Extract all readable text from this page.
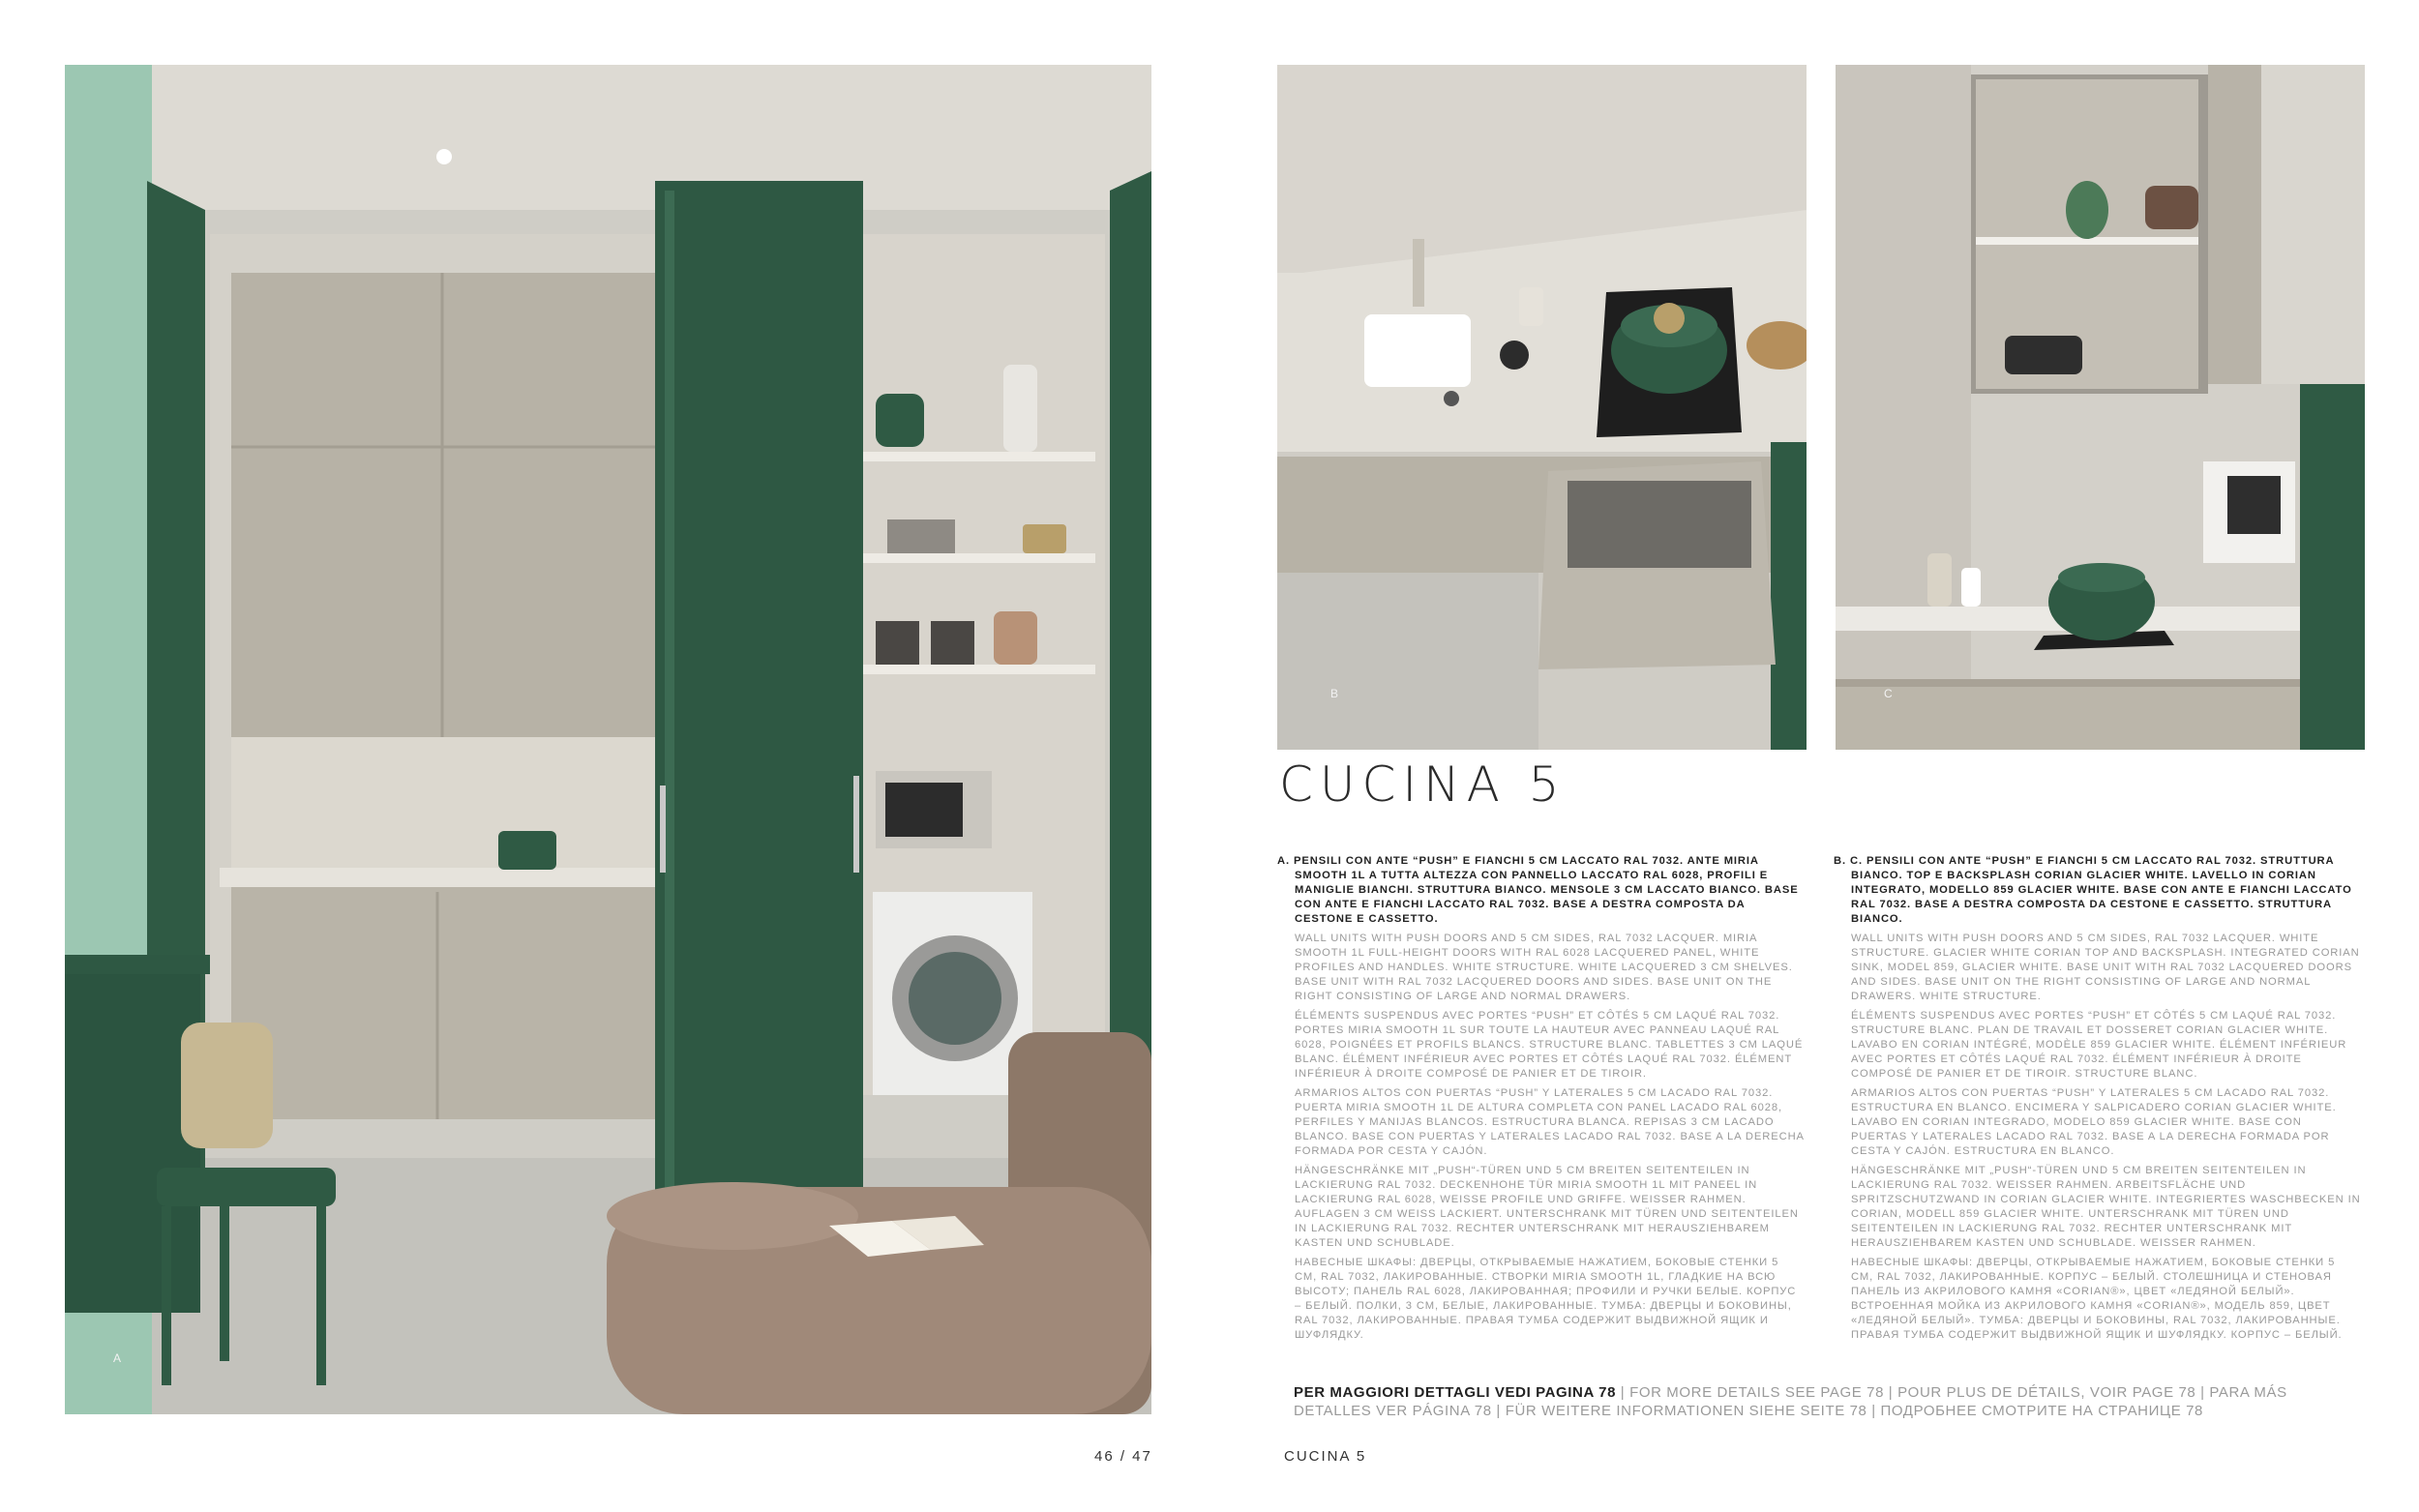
A
B	C
CUCINA 5
A. PENSILI CON ANTE “PUSH” E FIANCHI 5 CM LACCATO RAL 7032. ANTE MIRIA SMOOTH 1L A TUTTA ALTEZZA CON PANNELLO LACCATO RAL 6028, PROFILI E MANIGLIE BIANCHI. STRUTTURA BIANCO. MENSOLE 3 CM LACCATO BIANCO. BASE CON ANTE E FIANCHI LACCATO RAL 7032. BASE A DESTRA COMPOSTA DA CESTONE E CASSETTO.
WALL UNITS WITH PUSH DOORS AND 5 CM SIDES, RAL 7032 LACQUER. MIRIA SMOOTH 1L FULL-HEIGHT DOORS WITH RAL 6028 LACQUERED PANEL, WHITE PROFILES AND HANDLES. WHITE STRUCTURE. WHITE LACQUERED 3 CM SHELVES. BASE UNIT WITH RAL 7032 LACQUERED DOORS AND SIDES. BASE UNIT ON THE RIGHT CONSISTING OF LARGE AND NORMAL DRAWERS.
ÉLÉMENTS SUSPENDUS AVEC PORTES “PUSH” ET CÔTÉS 5 CM LAQUÉ RAL 7032. PORTES MIRIA SMOOTH 1L SUR TOUTE LA HAUTEUR AVEC PANNEAU LAQUÉ RAL 6028, POIGNÉES ET PROFILS BLANCS. STRUCTURE BLANC. TABLETTES 3 CM LAQUÉ BLANC. ÉLÉMENT INFÉRIEUR AVEC PORTES ET CÔTÉS LAQUÉ RAL 7032. ÉLÉMENT INFÉRIEUR À DROITE COMPOSÉ DE PANIER ET DE TIROIR.
ARMARIOS ALTOS CON PUERTAS “PUSH” Y LATERALES 5 CM LACADO RAL 7032. PUERTA MIRIA SMOOTH 1L DE ALTURA COMPLETA CON PANEL LACADO RAL 6028, PERFILES Y MANIJAS BLANCOS. ESTRUCTURA BLANCA. REPISAS 3 CM LACADO BLANCO. BASE CON PUERTAS Y LATERALES LACADO RAL 7032. BASE A LA DERECHA FORMADA POR CESTA Y CAJÓN.
HÄNGESCHRÄNKE MIT „PUSH“-TÜREN UND 5 CM BREITEN SEITENTEILEN IN LACKIERUNG RAL 7032. DECKENHOHE TÜR MIRIA SMOOTH 1L MIT PANEEL IN LACKIERUNG RAL 6028, WEISSE PROFILE UND GRIFFE. WEISSER RAHMEN. AUFLAGEN 3 CM WEISS LACKIERT. UNTERSCHRANK MIT TÜREN UND SEITENTEILEN IN LACKIERUNG RAL 7032. RECHTER UNTERSCHRANK MIT HERAUSZIEHBAREM KASTEN UND SCHUBLADE.
НАВЕСНЫЕ ШКАФЫ: ДВЕРЦЫ, ОТКРЫВАЕМЫЕ НАЖАТИЕМ, БОКОВЫЕ СТЕНКИ 5 СМ, RAL 7032, ЛАКИРОВАННЫЕ. СТВОРКИ MIRIA SMOOTH 1L, ГЛАДКИЕ НА ВСЮ ВЫСОТУ; ПАНЕЛЬ RAL 6028, ЛАКИРОВАННАЯ; ПРОФИЛИ И РУЧКИ БЕЛЫЕ. КОРПУС – БЕЛЫЙ. ПОЛКИ, 3 СМ, БЕЛЫЕ, ЛАКИРОВАННЫЕ. ТУМБА: ДВЕРЦЫ И БОКОВИНЫ, RAL 7032, ЛАКИРОВАННЫЕ. ПРАВАЯ ТУМБА СОДЕРЖИТ ВЫДВИЖНОЙ ЯЩИК И ШУФЛЯДКУ.
B. C. PENSILI CON ANTE “PUSH” E FIANCHI 5 CM LACCATO RAL 7032. STRUTTURA BIANCO. TOP E BACKSPLASH CORIAN GLACIER WHITE. LAVELLO IN CORIAN INTEGRATO, MODELLO 859 GLACIER WHITE. BASE CON ANTE E FIANCHI LACCATO RAL 7032. BASE A DESTRA COMPOSTA DA CESTONE E CASSETTO. STRUTTURA BIANCO.
WALL UNITS WITH PUSH DOORS AND 5 CM SIDES, RAL 7032 LACQUER. WHITE STRUCTURE. GLACIER WHITE CORIAN TOP AND BACKSPLASH. INTEGRATED CORIAN SINK, MODEL 859, GLACIER WHITE. BASE UNIT WITH RAL 7032 LACQUERED DOORS AND SIDES. BASE UNIT ON THE RIGHT CONSISTING OF LARGE AND NORMAL DRAWERS. WHITE STRUCTURE.
ÉLÉMENTS SUSPENDUS AVEC PORTES “PUSH” ET CÔTÉS 5 CM LAQUÉ RAL 7032. STRUCTURE BLANC. PLAN DE TRAVAIL ET DOSSERET CORIAN GLACIER WHITE. LAVABO EN CORIAN INTÉGRÉ, MODÈLE 859 GLACIER WHITE. ÉLÉMENT INFÉRIEUR AVEC PORTES ET CÔTÉS LAQUÉ RAL 7032. ÉLÉMENT INFÉRIEUR À DROITE COMPOSÉ DE PANIER ET DE TIROIR. STRUCTURE BLANC.
ARMARIOS ALTOS CON PUERTAS “PUSH” Y LATERALES 5 CM LACADO RAL 7032. ESTRUCTURA EN BLANCO. ENCIMERA Y SALPICADERO CORIAN GLACIER WHITE. LAVABO EN CORIAN INTEGRADO, MODELO 859 GLACIER WHITE. BASE CON PUERTAS Y LATERALES LACADO RAL 7032. BASE A LA DERECHA FORMADA POR CESTA Y CAJÓN. ESTRUCTURA EN BLANCO.
HÄNGESCHRÄNKE MIT „PUSH“-TÜREN UND 5 CM BREITEN SEITENTEILEN IN LACKIERUNG RAL 7032. WEISSER RAHMEN. ARBEITSFLÄCHE UND SPRITZSCHUTZWAND IN CORIAN GLACIER WHITE. INTEGRIERTES WASCHBECKEN IN CORIAN, MODELL 859 GLACIER WHITE. UNTERSCHRANK MIT TÜREN UND SEITENTEILEN IN LACKIERUNG RAL 7032. RECHTER UNTERSCHRANK MIT HERAUSZIEHBAREM KASTEN UND SCHUBLADE. WEISSER RAHMEN.
НАВЕСНЫЕ ШКАФЫ: ДВЕРЦЫ, ОТКРЫВАЕМЫЕ НАЖАТИЕМ, БОКОВЫЕ СТЕНКИ 5 СМ, RAL 7032, ЛАКИРОВАННЫЕ. КОРПУС – БЕЛЫЙ. СТОЛЕШНИЦА И СТЕНОВАЯ ПАНЕЛЬ ИЗ АКРИЛОВОГО КАМНЯ «CORIAN®», ЦВЕТ «ЛЕДЯНОЙ БЕЛЫЙ». ВСТРОЕННАЯ МОЙКА ИЗ АКРИЛОВОГО КАМНЯ «CORIAN®», МОДЕЛЬ 859, ЦВЕТ «ЛЕДЯНОЙ БЕЛЫЙ». ТУМБА: ДВЕРЦЫ И БОКОВИНЫ, RAL 7032, ЛАКИРОВАННЫЕ. ПРАВАЯ ТУМБА СОДЕРЖИТ ВЫДВИЖНОЙ ЯЩИК И ШУФЛЯДКУ. КОРПУС – БЕЛЫЙ.
PER MAGGIORI DETTAGLI VEDI PAGINA 78 | FOR MORE DETAILS SEE PAGE 78 | POUR PLUS DE DÉTAILS, VOIR PAGE 78 | PARA MÁS DETALLES VER PÁGINA 78 | FÜR WEITERE INFORMATIONEN SIEHE SEITE 78 | ПОДРОБНЕЕ СМОТРИТЕ НА СТРАНИЦЕ 78
46 / 47	CUCINA 5
